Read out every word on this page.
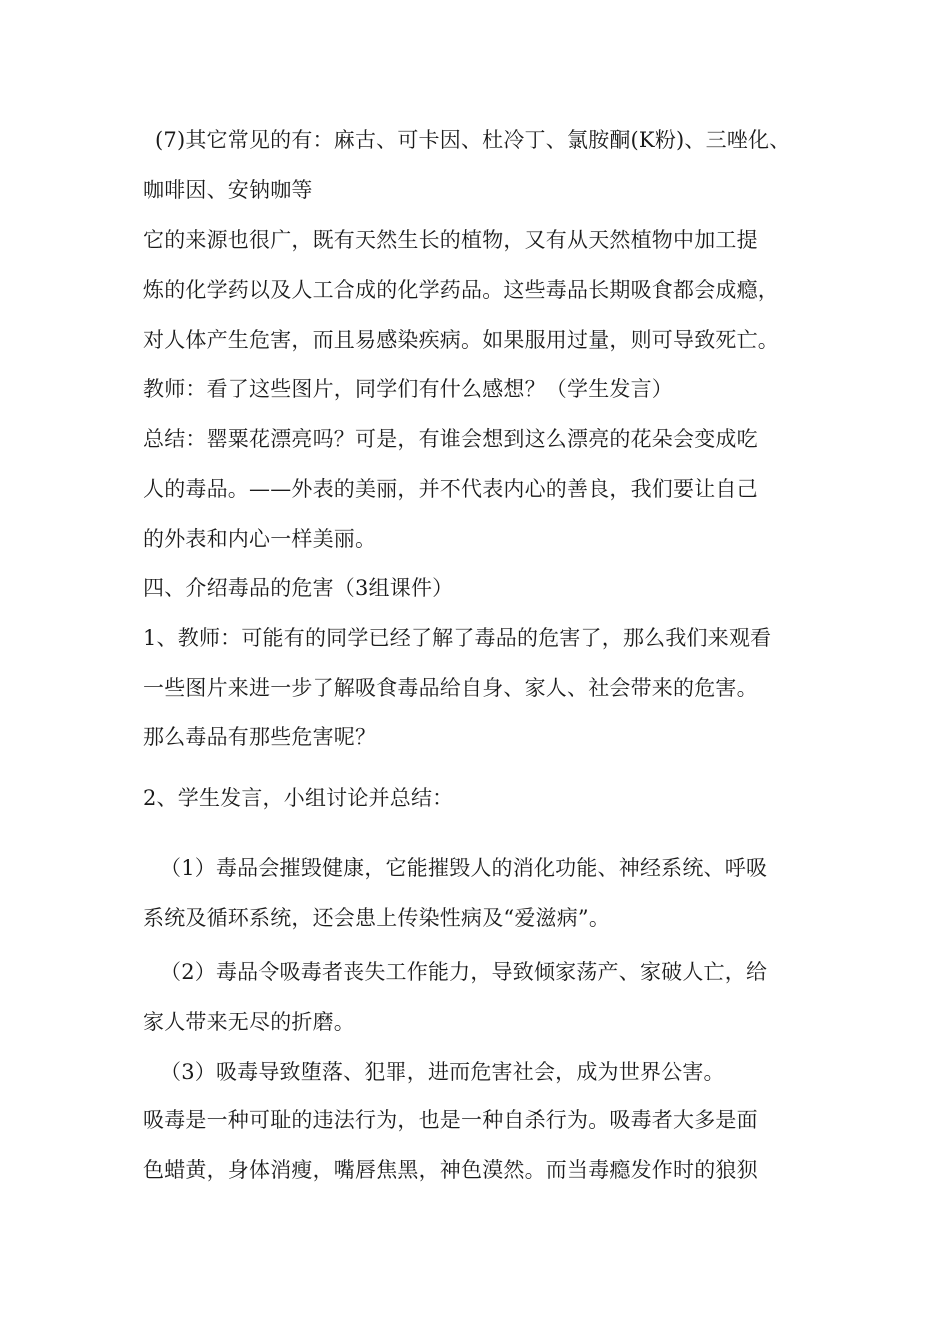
(7)其它常见的有：麻古、可卡因、杜冷丁、氯胺酮(K粉)、三唑化、
咖啡因、安钠咖等
它的来源也很广，既有天然生长的植物，又有从天然植物中加工提
炼的化学药以及人工合成的化学药品。这些毒品长期吸食都会成瘾，
对人体产生危害，而且易感染疾病。如果服用过量，则可导致死亡。
教师：看了这些图片，同学们有什么感想？（学生发言）
总结：罂粟花漂亮吗？可是，有谁会想到这么漂亮的花朵会变成吃
人的毒品。——外表的美丽，并不代表内心的善良，我们要让自己
的外表和内心一样美丽。
四、介绍毒品的危害（3组课件）
1、教师：可能有的同学已经了解了毒品的危害了，那么我们来观看
一些图片来进一步了解吸食毒品给自身、家人、社会带来的危害。
那么毒品有那些危害呢？
2、学生发言，小组讨论并总结：
（1）毒品会摧毁健康，它能摧毁人的消化功能、神经系统、呼吸
系统及循环系统，还会患上传染性病及“爱滋病”。
（2）毒品令吸毒者丧失工作能力，导致倾家荡产、家破人亡，给
家人带来无尽的折磨。
（3）吸毒导致堕落、犯罪，进而危害社会，成为世界公害。
吸毒是一种可耻的违法行为，也是一种自杀行为。吸毒者大多是面
色蜡黄，身体消瘦，嘴唇焦黑，神色漠然。而当毒瘾发作时的狼狈
